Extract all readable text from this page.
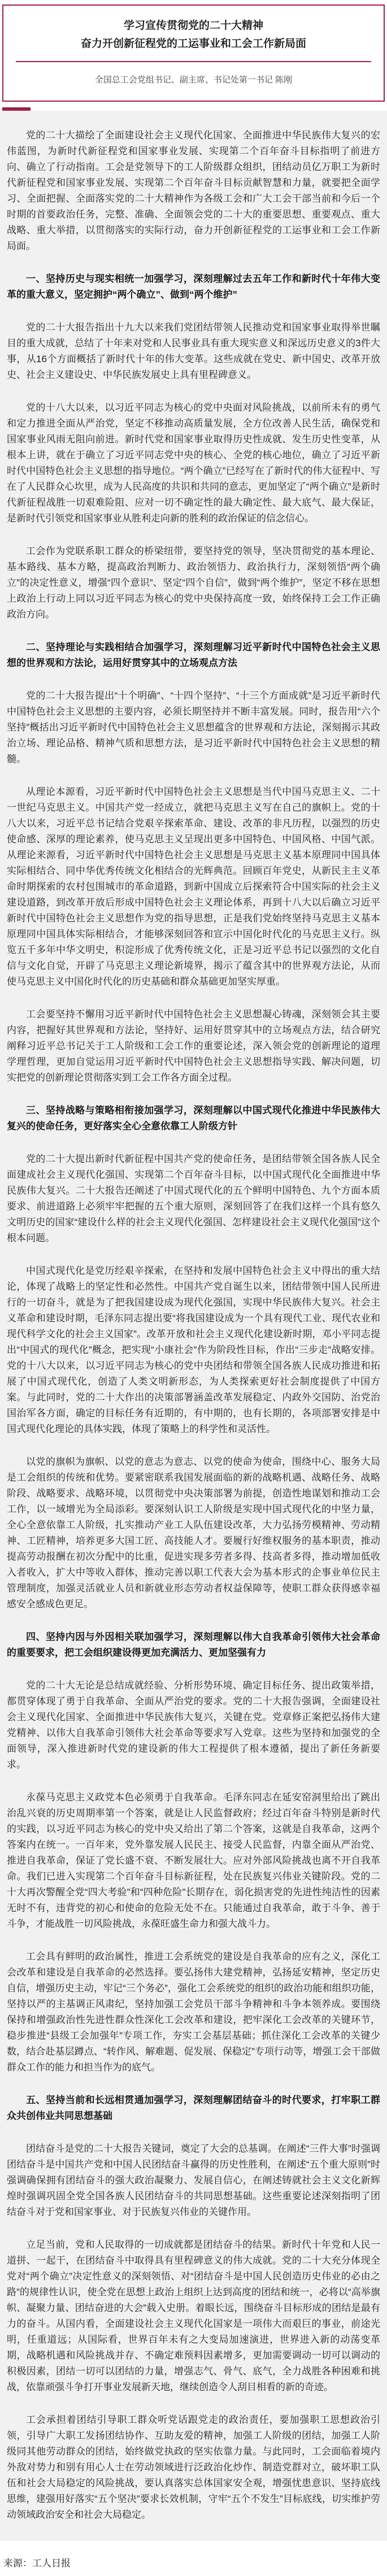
学习宣传贯彻党的二十大精神
奋力开创新征程党的工运事业和工会工作新局面
全国总工会党组书记、副主席、书记处第一书记 陈刚

党的二十大描绘了全面建设社会主义现代化国家、全面推进中华民族伟大复兴的宏伟蓝图，为新时代新征程党和国家事业发展、实现第二个百年奋斗目标指明了前进方向、确立了行动指南。工会是党领导下的工人阶级群众组织，团结动员亿万职工为新时代新征程党和国家事业发展、实现第二个百年奋斗目标贡献智慧和力量，就要把全面学习、全面把握、全面落实党的二十大精神作为各级工会和广大工会干部当前和今后一个时期的首要政治任务，完整、准确、全面领会党的二十大的重要思想、重要观点、重大战略、重大举措，以贯彻落实的实际行动，奋力开创新征程党的工运事业和工会工作新局面。

一、坚持历史与现实相统一加强学习，深刻理解过去五年工作和新时代十年伟大变革的重大意义，坚定拥护“两个确立”、做到“两个维护”

党的二十大报告指出十九大以来我们党团结带领人民推动党和国家事业取得举世瞩目的重大成就，总结了十年来对党和人民事业具有重大现实意义和深远历史意义的3件大事，从16个方面概括了新时代十年的伟大变革。这些成就在党史、新中国史、改革开放史、社会主义建设史、中华民族发展史上具有里程碑意义。

党的十八大以来，以习近平同志为核心的党中央面对风险挑战，以前所未有的勇气和定力推进全面从严治党，坚定不移推动高质量发展，全方位改善人民生活，确保党和国家事业风雨无阻向前进。新时代党和国家事业取得历史性成就、发生历史性变革，从根本上讲，就在于确立了习近平同志党中央的核心、全党的核心地位，确立了习近平新时代中国特色社会主义思想的指导地位。“两个确立”已经写在了新时代的伟大征程中、写在了人民群众心坎里，成为人民高度的共识和共同的意志，更加坚定了“两个确立”是新时代新征程战胜一切艰难险阻、应对一切不确定性的最大确定性、最大底气、最大保证，是新时代引领党和国家事业从胜利走向新的胜利的政治保证的信念信心。

工会作为党联系职工群众的桥梁纽带，要坚持党的领导，坚决贯彻党的基本理论、基本路线、基本方略，提高政治判断力、政治领悟力、政治执行力，深刻领悟“两个确立”的决定性意义，增强“四个意识”、坚定“四个自信”，做到“两个维护”，坚定不移在思想上政治上行动上同以习近平同志为核心的党中央保持高度一致，始终保持工会工作正确政治方向。

二、坚持理论与实践相结合加强学习，深刻理解习近平新时代中国特色社会主义思想的世界观和方法论，运用好贯穿其中的立场观点方法

党的二十大报告提出“十个明确”、“十四个坚持”、“十三个方面成就”是习近平新时代中国特色社会主义思想的主要内容，必须长期坚持并不断丰富发展。同时，报告用“六个坚持”概括出习近平新时代中国特色社会主义思想蕴含的世界观和方法论，深刻揭示其政治立场、理论品格、精神气质和思想方法，是习近平新时代中国特色社会主义思想的精髓。

从理论本源看，习近平新时代中国特色社会主义思想是当代中国马克思主义、二十一世纪马克思主义。中国共产党一经成立，就把马克思主义写在自己的旗帜上。党的十八大以来，习近平总书记结合党艰辛探索革命、建设、改革的非凡历程，以强烈的历史使命感、深厚的理论素养，使马克思主义呈现出更多中国特色、中国风格、中国气派。从理论来源看，习近平新时代中国特色社会主义思想是马克思主义基本原理同中国具体实际相结合、同中华优秀传统文化相结合的光辉典范。回顾百年党史，从新民主主义革命时期探索的农村包围城市的革命道路，到新中国成立后探索符合中国实际的社会主义建设道路，到改革开放后形成中国特色社会主义理论体系，再到十八大以后确立习近平新时代中国特色社会主义思想作为党的指导思想，正是我们党始终坚持马克思主义基本原理同中国具体实际相结合，才能够深刻回答和宣示中国化时代化的马克思主义行。纵览五千多年中华文明史，积淀形成了优秀传统文化，正是习近平总书记以强烈的文化自信与文化自觉，开辟了马克思主义理论新境界，揭示了蕴含其中的世界观方法论，从而使马克思主义中国化时代化的历史基础和群众基础更加坚实厚重。

工会要坚持不懈用习近平新时代中国特色社会主义思想凝心铸魂，深刻领会其主要内容，把握好其世界观和方法论，坚持好、运用好贯穿其中的立场观点方法，结合研究阐释习近平总书记关于工人阶级和工会工作的重要论述，深入领会党的创新理论的道理学理哲理，更加自觉运用习近平新时代中国特色社会主义思想指导实践、解决问题，切实把党的创新理论贯彻落实到工会工作各方面全过程。

三、坚持战略与策略相衔接加强学习，深刻理解以中国式现代化推进中华民族伟大复兴的使命任务，更好落实全心全意依靠工人阶级方针

党的二十大提出新时代新征程中国共产党的使命任务，是团结带领全国各族人民全面建成社会主义现代化强国、实现第二个百年奋斗目标，以中国式现代化全面推进中华民族伟大复兴。二十大报告还阐述了中国式现代化的五个鲜明中国特色、九个方面本质要求、前进道路上必须牢牢把握的五个重大原则，深刻回答了在我们这样一个具有悠久文明历史的国家“建设什么样的社会主义现代化强国、怎样建设社会主义现代化强国”这个根本问题。

中国式现代化是党历经艰辛探索，在坚持和发展中国特色社会主义中得出的重大结论，体现了战略上的坚定性和必然性。中国共产党自诞生以来，团结带领中国人民所进行的一切奋斗，就是为了把我国建设成为现代化强国，实现中华民族伟大复兴。社会主义革命和建设时期，毛泽东同志提出要“将我国建设成为一个具有现代工业、现代农业和现代科学文化的社会主义国家”。改革开放和社会主义现代化建设新时期，邓小平同志提出“中国式的现代化”概念，把实现“小康社会”作为阶段性目标，作出“三步走”战略安排。党的十八大以来，以习近平同志为核心的党中央团结和带领全国各族人民成功推进和拓展了中国式现代化，创造了人类文明新形态，为人类探索更好社会制度提供了中国方案。与此同时，党的二十大作出的决策部署涵盖改革发展稳定、内政外交国防、治党治国治军各方面，确定的目标任务有近期的，有中期的，也有长期的，各项部署安排是中国式现代化理论的具体实践，体现了策略上的科学性和灵活性。

以党的旗帜为旗帜、以党的意志为意志、以党的使命为使命，围绕中心、服务大局是工会组织的传统和优势。要紧密联系我国发展面临的新的战略机遇、战略任务、战略阶段、战略要求、战略环境，以贯彻党中央决策部署为前提，创造性地谋划和推动工会工作，以一域增光为全局添彩。要深刻认识工人阶级是实现中国式现代化的中坚力量，全心全意依靠工人阶级，扎实推动产业工人队伍建设改革，大力弘扬劳模精神、劳动精神、工匠精神，培养更多大国工匠、高技能人才。要履行好维权服务的基本职责，推动提高劳动报酬在初次分配中的比重，促进实现多劳者多得、技高者多得，推动增加低收入者收入，扩大中等收入群体，推动完善以职工代表大会为基本形式的企事业单位民主管理制度，加强灵活就业人员和新就业形态劳动者权益保障等，使职工群众获得感幸福感安全感成色更足。

四、坚持内因与外因相关联加强学习，深刻理解以伟大自我革命引领伟大社会革命的重要要求，把工会组织建设得更加充满活力、更加坚强有力

党的二十大无论是总结成就经验、分析形势环境、确定目标任务、提出政策举措，都贯穿体现了勇于自我革命、全面从严治党的要求。党的二十大报告强调，全面建设社会主义现代化国家、全面推进中华民族伟大复兴，关键在党。党章修正案把弘扬伟大建党精神、以伟大自我革命引领伟大社会革命等要求写入党章。这些为坚持和加强党的全面领导，深入推进新时代党的建设新的伟大工程提供了根本遵循，提出了新任务新要求。

永葆马克思主义政党本色必须勇于自我革命。毛泽东同志在延安窑洞里给出了跳出治乱兴衰的历史周期率第一个答案，就是让人民监督政府；经过百年奋斗特别是新时代的实践，以习近平同志为核心的党中央又给出了第二个答案，这就是自我革命，这两个答案内在统一。一百年来，党外靠发展人民民主、接受人民监督，内靠全面从严治党、推进自我革命，保证了党长盛不衰、不断发展壮大。应对外部风险挑战也离不开自我革命。我们已进入实现第二个百年奋斗目标新征程，处在民族复兴伟业关键阶段。党的二十大再次警醒全党“四大考验”和“四种危险”长期存在，弱化损害党的先进性纯洁性的因素无时不有，违背党的初心和使命的危险无处不在。只能通过自我革命，敢于斗争、善于斗争，才能战胜一切风险挑战，永葆旺盛生命力和强大战斗力。

工会具有鲜明的政治属性，推进工会系统党的建设是自我革命的应有之义，深化工会改革和建设是自我革命的必然选择。要弘扬伟大建党精神，弘扬延安精神，坚定历史自信，增强历史主动，牢记“三个务必”，强化工会系统党的组织的政治功能和组织功能，坚持以严的主基调正风肃纪，坚持加强工会党员干部斗争精神和斗争本领养成。要围绕保持和增强政治性先进性群众性深化工会改革和建设，把牢深化工会改革的关键环节，稳步推进“县级工会加强年”专项工作，夯实工会基层基础；抓住深化工会改革的关键少数，结合赴基层蹲点、“转作风、解难题、促发展、保稳定”专项行动等，增强工会干部做群众工作的能力和担当作为的底气。

五、坚持当前和长远相贯通加强学习，深刻理解团结奋斗的时代要求，打牢职工群众共创伟业共同思想基础

团结奋斗是党的二十大报告关键词，奠定了大会的总基调。在阐述“三件大事”时强调团结奋斗是中国共产党和中国人民团结奋斗赢得的历史性胜利，在阐述“五个重大原则”时强调确保拥有团结奋斗的强大政治凝聚力、发展自信心，在阐述铸就社会主义文化新辉煌时强调巩固全党全国各族人民团结奋斗的共同思想基础。这些重要论述深刻指明了团结奋斗对于党和国家事业、对于民族复兴伟业的关键作用。

立足当前，党和人民取得的一切成就都是团结奋斗的结果。新时代十年党和人民一道拼、一起干，在团结奋斗中取得具有里程碑意义的伟大成就。党的二十大充分体现全党对“两个确立”决定性意义的深刻领悟、对“团结奋斗是中国人民创造历史伟业的必由之路”的规律性认识，使全党在思想上政治上组织上达到高度的团结和统一，必将以“高举旗帜、凝聚力量、团结奋进的大会”载入史册。着眼长远，围绕奋斗目标形成的团结是最有力的奋斗。从国内看，全面建设社会主义现代化国家是一项伟大而艰巨的事业，前途光明，任重道远；从国际看，世界百年未有之大变局加速演进，世界进入新的动荡变革期，战略机遇和风险挑战并存、不确定难预料因素增多，更加需要调动一切可以调动的积极因素，团结一切可以团结的力量，增强志气、骨气、底气，全力战胜各种困难和挑战，依靠顽强斗争打开事业发展新天地，继续创造令人刮目相看的新的奇迹。

工会承担着团结引导职工群众听党话跟党走的政治责任，要加强职工思想政治引领，引导广大职工发扬团结协作、互助友爱的精神，加强工人阶级的团结，加强工人阶级同其他劳动群众的团结，始终做党执政的坚实依靠力量。与此同时，工会面临着境内外敌对势力和别有用心人士在劳动领域进行泛政治化炒作、制造党群对立，破坏职工队伍和社会大局稳定的风险挑战，要认真落实总体国家安全观，增强忧患意识、坚持底线思维，建强用好落实“五个坚决”要求长效机制，守牢“五个不发生”目标底线，切实维护劳动领域政治安全和社会大局稳定。

来源：工人日报
